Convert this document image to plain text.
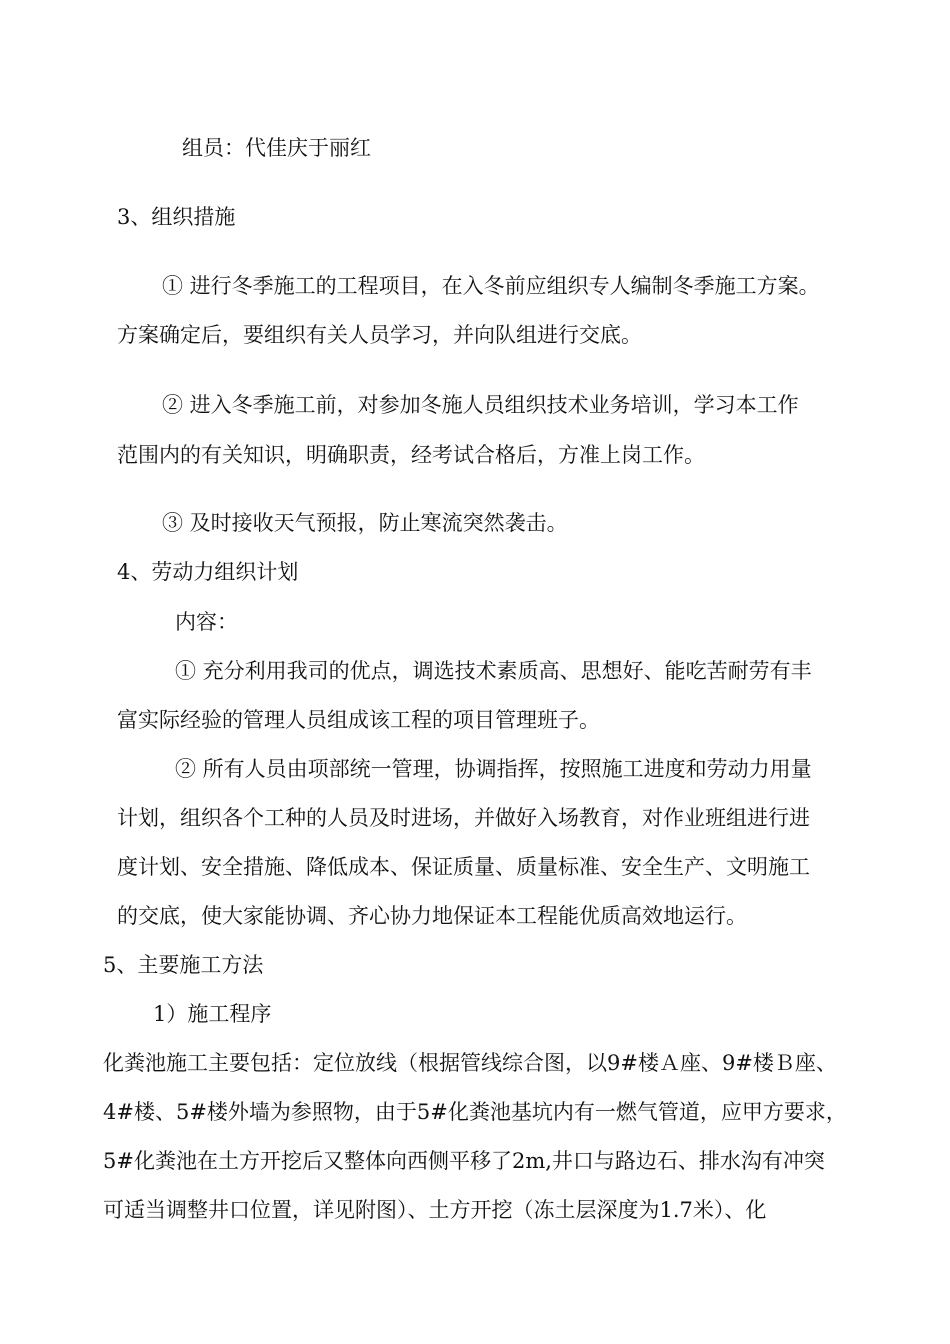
组员：代佳庆于丽红

3、组织措施

① 进行冬季施工的工程项目，在入冬前应组织专人编制冬季施工方案。

方案确定后，要组织有关人员学习，并向队组进行交底。

② 进入冬季施工前，对参加冬施人员组织技术业务培训，学习本工作

范围内的有关知识，明确职责，经考试合格后，方准上岗工作。

③ 及时接收天气预报，防止寒流突然袭击。

4、劳动力组织计划

内容：

① 充分利用我司的优点，调选技术素质高、思想好、能吃苦耐劳有丰

富实际经验的管理人员组成该工程的项目管理班子。

② 所有人员由项部统一管理，协调指挥，按照施工进度和劳动力用量

计划，组织各个工种的人员及时进场，并做好入场教育，对作业班组进行进

度计划、安全措施、降低成本、保证质量、质量标准、安全生产、文明施工

的交底，使大家能协调、齐心协力地保证本工程能优质高效地运行。

5、主要施工方法

1）施工程序

化粪池施工主要包括：定位放线（根据管线综合图，以9#楼Ａ座、9#楼Ｂ座、

4#楼、5#楼外墙为参照物，由于5#化粪池基坑内有一燃气管道，应甲方要求，

5#化粪池在土方开挖后又整体向西侧平移了2m,井口与路边石、排水沟有冲突

可适当调整井口位置，详见附图）、土方开挖（冻土层深度为1.7米）、化
